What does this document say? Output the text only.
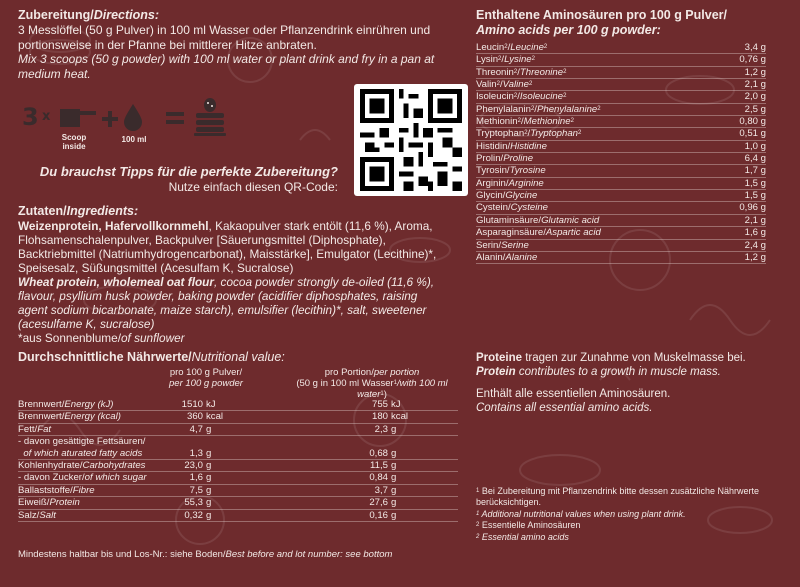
Zubereitung/Directions:
3 Messlöffel (50 g Pulver) in 100 ml Wasser oder Pflanzendrink einrühren und portionsweise in der Pfanne bei mittlerer Hitze anbraten.
Mix 3 scoops (50 g powder) with 100 ml water or plant drink and fry in a pan at medium heat.
3 x
Scoop inside
100 ml
Du brauchst Tipps für die perfekte Zubereitung?
Nutze einfach diesen QR-Code:
Zutaten/Ingredients:
Weizenprotein, Hafervollkornmehl, Kakaopulver stark entölt (11,6 %), Aroma, Flohsamenschalenpulver, Backpulver [Säuerungsmittel (Diphosphate), Backtriebmittel (Natriumhydrogencarbonat), Maisstärke], Emulgator (Lecithine)*, Speisesalz, Süßungsmittel (Acesulfam K, Sucralose)
Wheat protein, wholemeal oat flour, cocoa powder strongly de-oiled (11,6 %), flavour, psyllium husk powder, baking powder (acidifier diphosphates, raising agent sodium bicarbonate, maize starch), emulsifier (lecithin)*, salt, sweetener (acesulfame K, sucralose)
*aus Sonnenblume/of sunflower
Durchschnittliche Nährwerte/Nutritional value:
pro 100 g Pulver/
per 100 g powder
pro Portion/per portion
(50 g in 100 ml Wasser$^1$/with 100 ml water$^1$)
Brennwert/Energy (kJ)	1510	kJ	755	kJ
Brennwert/Energy (kcal)	360	kcal	180	kcal
Fett/Fat	4,7	g	2,3	g
- davon gesättigte Fettsäuren/				
of which aturated fatty acids	1,3	g	0,68	g
Kohlenhydrate/Carbohydrates	23,0	g	11,5	g
- davon Zucker/of which sugar	1,6	g	0,84	g
Ballaststoffe/Fibre	7,5	g	3,7	g
Eiweiß/Protein	55,3	g	27,6	g
Salz/Salt	0,32	g	0,16	g
Mindestens haltbar bis und Los-Nr.: siehe Boden/Best before and lot number: see bottom
Enthaltene Aminosäuren pro 100 g Pulver/
Amino acids per 100 g powder:
Leucin$^2$/Leucine$^2$	3,4 g
Lysin$^2$/Lysine$^2$	0,76 g
Threonin$^2$/Threonine$^2$	1,2 g
Valin$^2$/Valine$^2$	2,1 g
Isoleucin$^2$/Isoleucine$^2$	2,0 g
Phenylalanin$^2$/Phenylalanine$^2$	2,5 g
Methionin$^2$/Methionine$^2$	0,80 g
Tryptophan$^2$/Tryptophan$^2$	0,51 g
Histidin/Histidine	1,0 g
Prolin/Proline	6,4 g
Tyrosin/Tyrosine	1,7 g
Arginin/Arginine	1,5 g
Glycin/Glycine	1,5 g
Cystein/Cysteine	0,96 g
Glutaminsäure/Glutamic acid	2,1 g
Asparaginsäure/Aspartic acid	1,6 g
Serin/Serine	2,4 g
Alanin/Alanine	1,2 g
Proteine tragen zur Zunahme von Muskelmasse bei.
Protein contributes to a growth in muscle mass.
Enthält alle essentiellen Aminosäuren.
Contains all essential amino acids.
$^1$ Bei Zubereitung mit Pflanzendrink bitte dessen zusätzliche Nährwerte berücksichtigen.
$^1$ Additional nutritional values when using plant drink.
$^2$ Essentielle Aminosäuren
$^2$ Essential amino acids
